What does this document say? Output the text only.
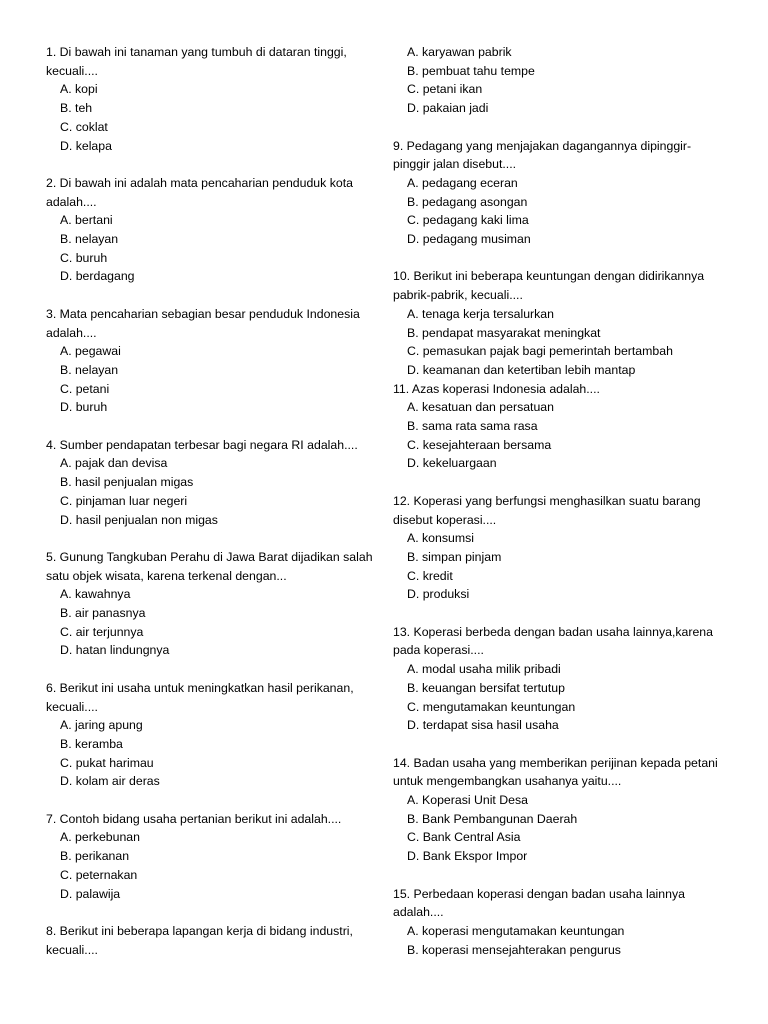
1. Di bawah ini tanaman yang tumbuh di dataran tinggi, kecuali....

A. kopi
B. teh
C. coklat
D. kelapa

2. Di bawah ini adalah mata pencaharian penduduk kota adalah....

A. bertani
B. nelayan
C. buruh
D. berdagang

3. Mata pencaharian sebagian besar penduduk Indonesia adalah....

A. pegawai
B. nelayan
C. petani
D. buruh

4. Sumber pendapatan terbesar bagi negara RI adalah....

A. pajak dan devisa
B. hasil penjualan migas
C. pinjaman luar negeri
D. hasil penjualan non migas

5. Gunung Tangkuban Perahu di Jawa Barat dijadikan salah satu objek wisata, karena terkenal dengan...

A. kawahnya
B. air panasnya
C. air terjunnya
D. hatan lindungnya

6. Berikut ini usaha untuk meningkatkan hasil perikanan, kecuali....

A. jaring apung
B. keramba
C. pukat harimau
D. kolam air deras

7. Contoh bidang usaha pertanian berikut ini adalah....

A. perkebunan
B. perikanan
C. peternakan
D. palawija

8. Berikut ini beberapa lapangan kerja di bidang industri, kecuali....

A. karyawan pabrik
B. pembuat tahu tempe
C. petani ikan
D. pakaian jadi

9. Pedagang yang menjajakan dagangannya dipinggir-pinggir jalan disebut....

A. pedagang eceran
B. pedagang asongan
C. pedagang kaki lima
D. pedagang musiman

10. Berikut ini beberapa keuntungan dengan didirikannya pabrik-pabrik, kecuali....

A. tenaga kerja tersalurkan
B. pendapat masyarakat meningkat
C. pemasukan pajak bagi pemerintah bertambah
D. keamanan dan ketertiban lebih mantap

11. Azas koperasi Indonesia adalah....

A. kesatuan dan persatuan
B. sama rata sama rasa
C. kesejahteraan bersama
D. kekeluargaan

12. Koperasi yang berfungsi menghasilkan suatu barang disebut koperasi....

A. konsumsi
B. simpan pinjam
C. kredit
D. produksi

13. Koperasi berbeda dengan badan usaha lainnya,karena pada koperasi....

A. modal usaha milik pribadi
B. keuangan bersifat tertutup
C. mengutamakan keuntungan
D. terdapat sisa hasil usaha

14. Badan usaha yang memberikan perijinan kepada petani untuk mengembangkan usahanya yaitu....

A. Koperasi Unit Desa
B. Bank Pembangunan Daerah
C. Bank Central Asia
D. Bank Ekspor Impor

15. Perbedaan koperasi dengan badan usaha lainnya adalah....

A. koperasi mengutamakan keuntungan
B. koperasi mensejahterakan pengurus
